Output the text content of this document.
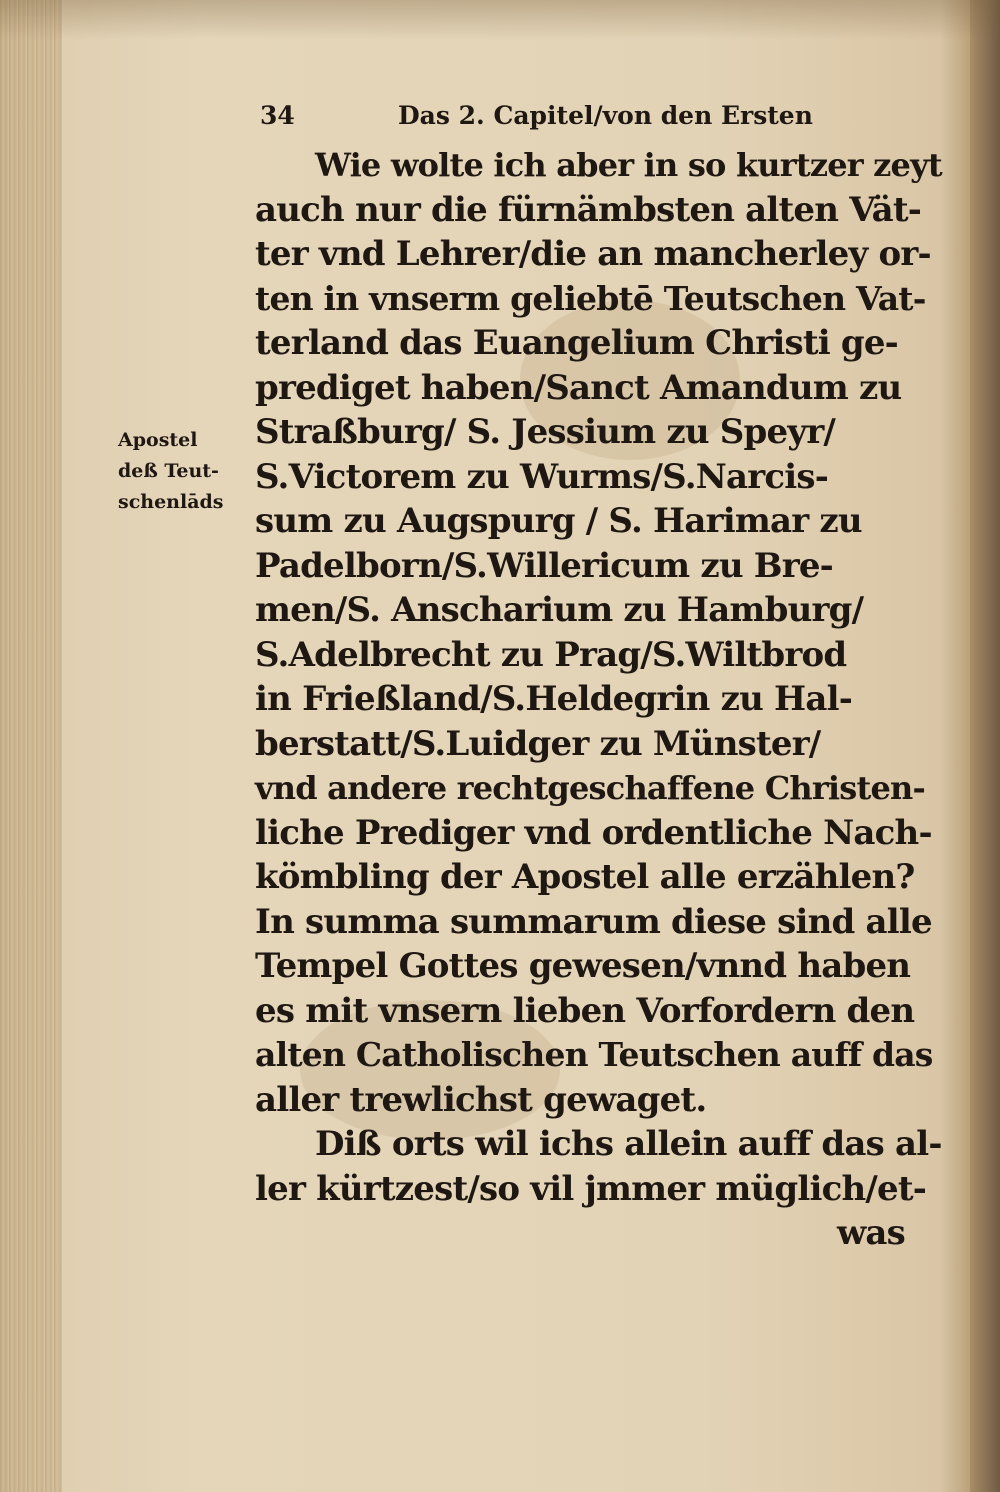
Apostel
deß Teut-
schenlāds
34	Das 2. Capitel/von den Ersten
Wie wolte ich aber in so kurtzer zeyt
auch nur die fürnämbsten alten Vät-
ter vnd Lehrer/die an mancherley or-
ten in vnserm geliebtē Teutschen Vat-
terland das Euangelium Christi ge-
prediget haben/Sanct Amandum zu
Straßburg/ S. Jessium zu Speyr/
S.Victorem zu Wurms/S.Narcis-
sum zu Augspurg / S. Harimar zu
Padelborn/S.Willericum zu Bre-
men/S. Anscharium zu Hamburg/
S.Adelbrecht zu Prag/S.Wiltbrod
in Frießland/S.Heldegrin zu Hal-
berstatt/S.Luidger zu Münster/
vnd andere rechtgeschaffene Christen-
liche Prediger vnd ordentliche Nach-
kömbling der Apostel alle erzählen?
In summa summarum diese sind alle
Tempel Gottes gewesen/vnnd haben
es mit vnsern lieben Vorfordern den
alten Catholischen Teutschen auff das
aller trewlichst gewaget.
Diß orts wil ichs allein auff das al-
ler kürtzest/so vil jmmer müglich/et-
was
